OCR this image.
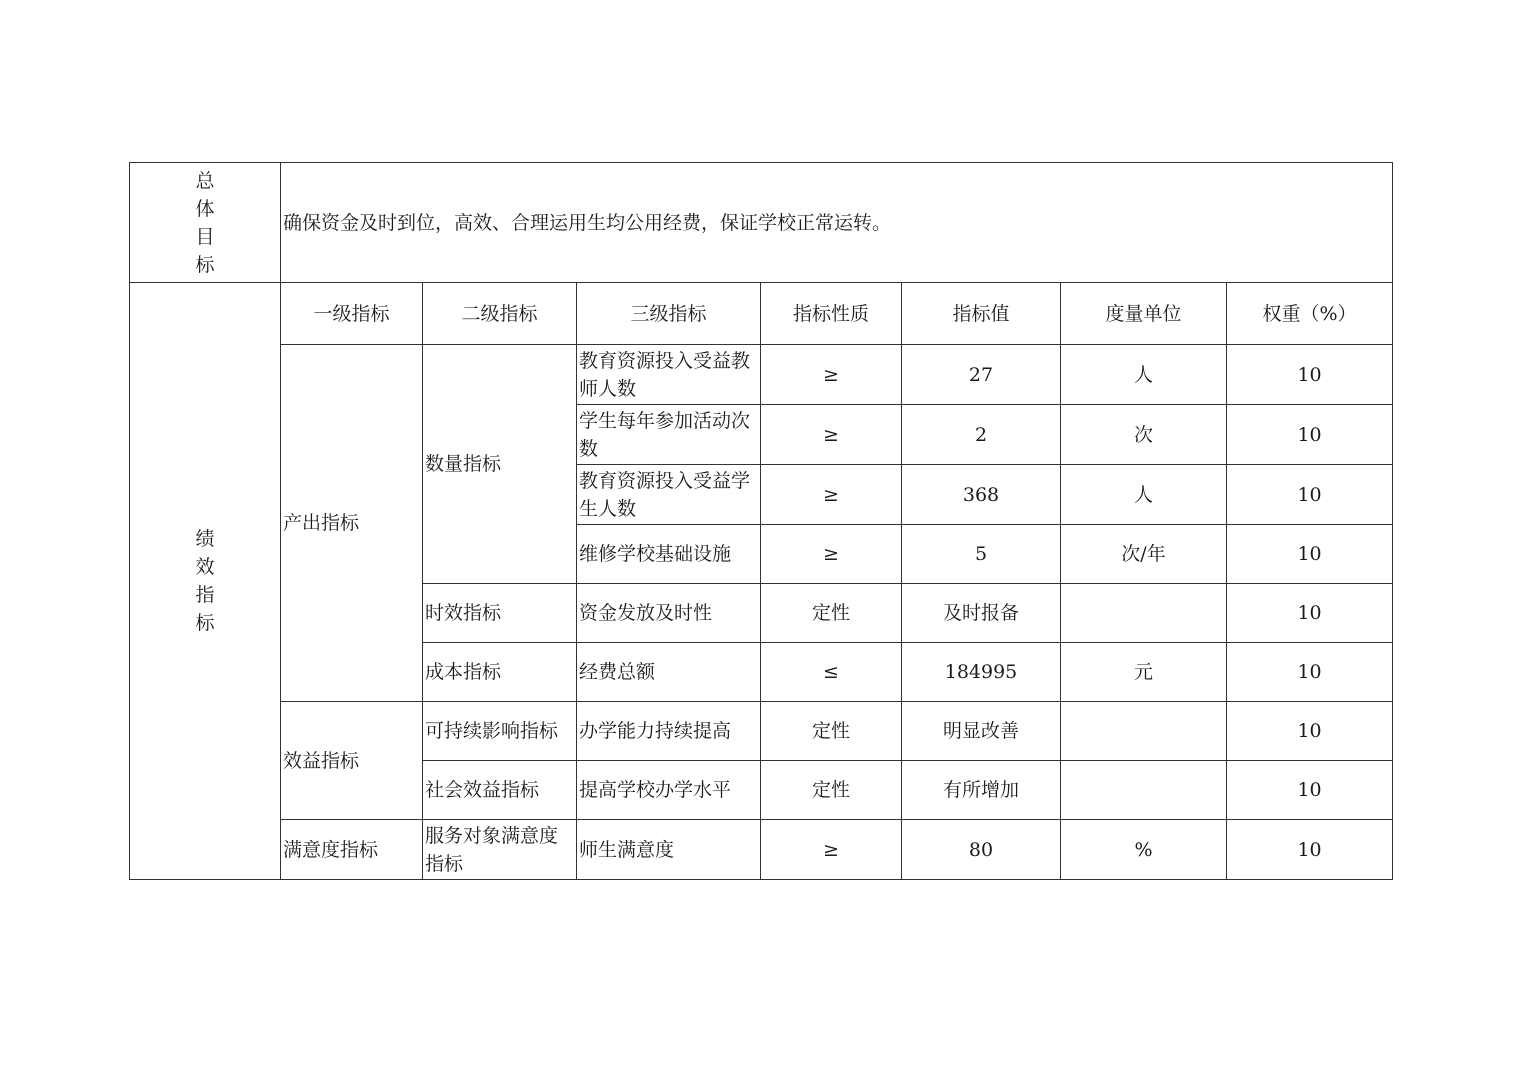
总
体
目
标	确保资金及时到位，高效、合理运用生均公用经费，保证学校正常运转。						

绩
效
指
标	一级指标	二级指标	三级指标	指标性质	指标值	度量单位	权重（%）
	产出指标	数量指标	教育资源投入受益教师人数	≥	27	人	10
			学生每年参加活动次数	≥	2	次	10
			教育资源投入受益学生人数	≥	368	人	10
			维修学校基础设施	≥	5	次/年	10
		时效指标	资金发放及时性	定性	及时报备		10
		成本指标	经费总额	≤	184995	元	10
	效益指标	可持续影响指标	办学能力持续提高	定性	明显改善		10
		社会效益指标	提高学校办学水平	定性	有所增加		10
	满意度指标	服务对象满意度指标	师生满意度	≥	80	%	10
